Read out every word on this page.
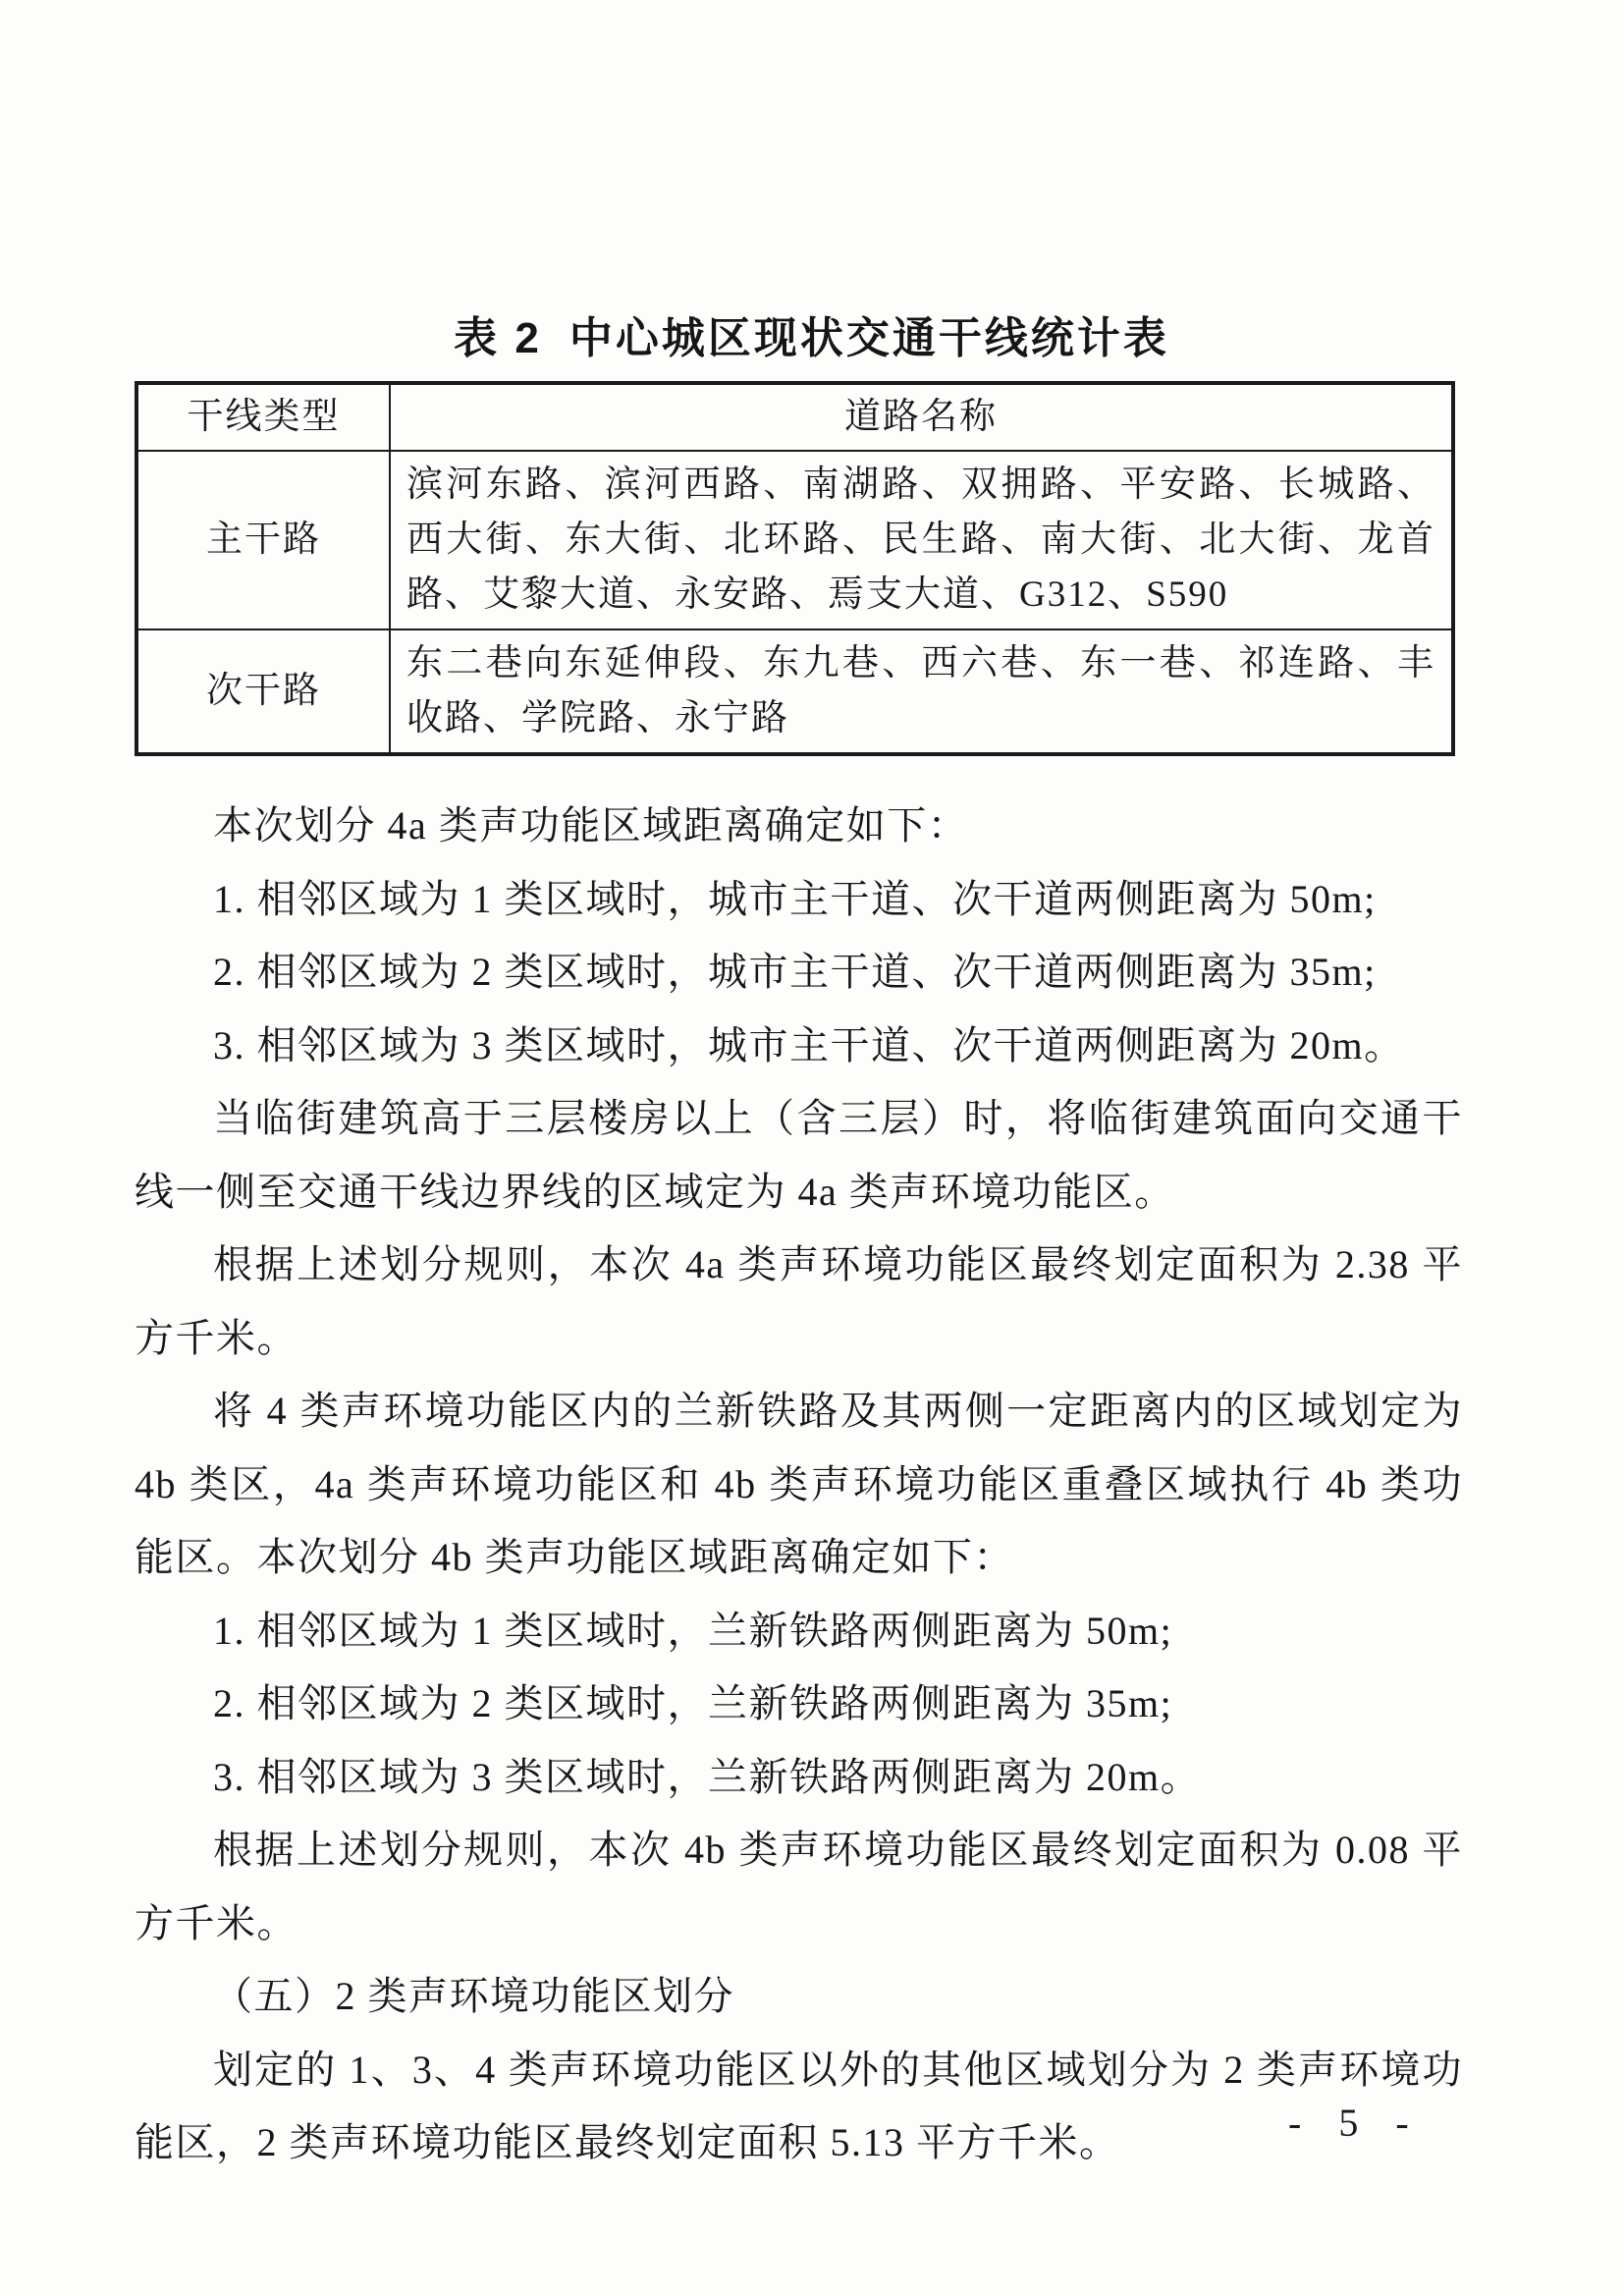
表 2 中心城区现状交通干线统计表
干线类型	道路名称
主干路	滨河东路、滨河西路、南湖路、双拥路、平安路、长城路、西大街、东大街、北环路、民生路、南大街、北大街、龙首路、艾黎大道、永安路、焉支大道、G312、S590
次干路	东二巷向东延伸段、东九巷、西六巷、东一巷、祁连路、丰收路、学院路、永宁路

本次划分 4a 类声功能区域距离确定如下：

1. 相邻区域为 1 类区域时，城市主干道、次干道两侧距离为 50m;

2. 相邻区域为 2 类区域时，城市主干道、次干道两侧距离为 35m;

3. 相邻区域为 3 类区域时，城市主干道、次干道两侧距离为 20m。

当临街建筑高于三层楼房以上（含三层）时，将临街建筑面向交通干线一侧至交通干线边界线的区域定为 4a 类声环境功能区。

根据上述划分规则，本次 4a 类声环境功能区最终划定面积为 2.38 平方千米。

将 4 类声环境功能区内的兰新铁路及其两侧一定距离内的区域划定为 4b 类区，4a 类声环境功能区和 4b 类声环境功能区重叠区域执行 4b 类功能区。本次划分 4b 类声功能区域距离确定如下：

1. 相邻区域为 1 类区域时，兰新铁路两侧距离为 50m;

2. 相邻区域为 2 类区域时，兰新铁路两侧距离为 35m;

3. 相邻区域为 3 类区域时，兰新铁路两侧距离为 20m。

根据上述划分规则，本次 4b 类声环境功能区最终划定面积为 0.08 平方千米。

（五）2 类声环境功能区划分

划定的 1、3、4 类声环境功能区以外的其他区域划分为 2 类声环境功能区，2 类声环境功能区最终划定面积 5.13 平方千米。	- 5 -
